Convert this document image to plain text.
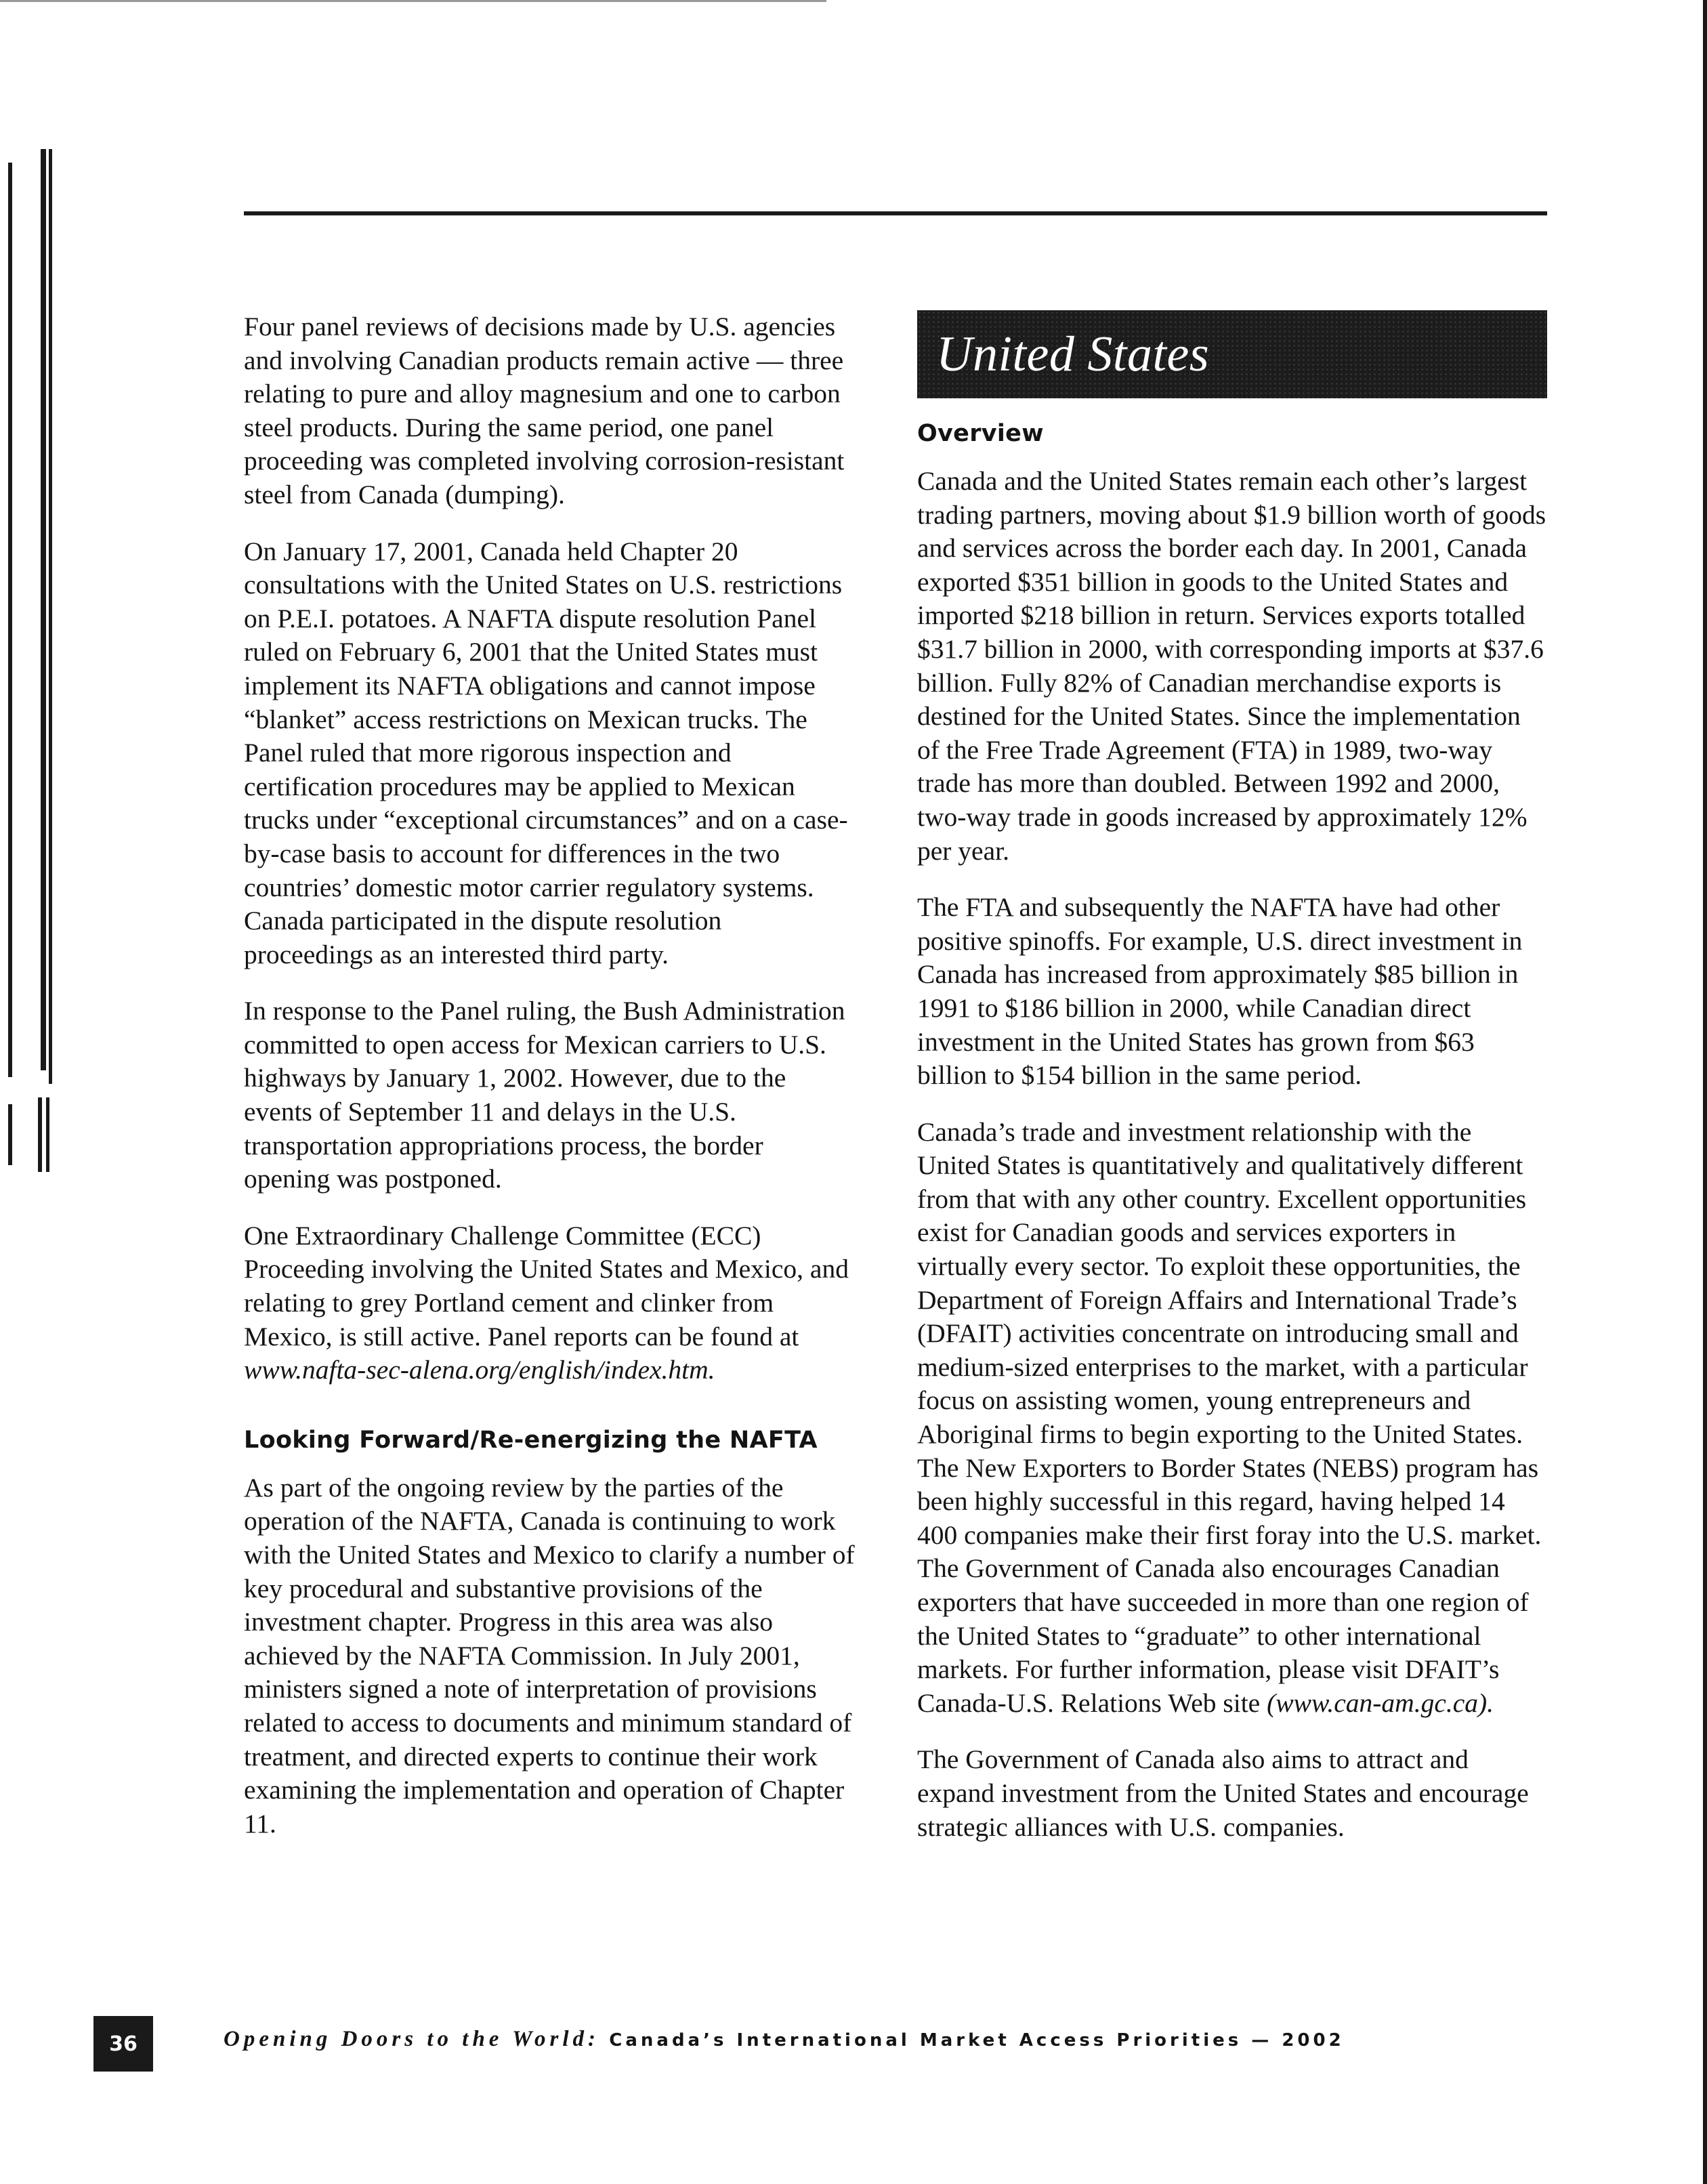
Four panel reviews of decisions made by U.S. agencies and involving Canadian products remain active — three relating to pure and alloy magnesium and one to carbon steel products. During the same period, one panel proceeding was completed involving corrosion-resistant steel from Canada (dumping).

On January 17, 2001, Canada held Chapter 20 consultations with the United States on U.S. restrictions on P.E.I. potatoes. A NAFTA dispute resolution Panel ruled on February 6, 2001 that the United States must implement its NAFTA obligations and cannot impose “blanket” access restrictions on Mexican trucks. The Panel ruled that more rigorous inspection and certification procedures may be applied to Mexican trucks under “exceptional circumstances” and on a case-by-case basis to account for differences in the two countries’ domestic motor carrier regulatory systems. Canada participated in the dispute resolution proceedings as an interested third party.

In response to the Panel ruling, the Bush Administration committed to open access for Mexican carriers to U.S. highways by January 1, 2002. However, due to the events of September 11 and delays in the U.S. transportation appropriations process, the border opening was postponed.

One Extraordinary Challenge Committee (ECC) Proceeding involving the United States and Mexico, and relating to grey Portland cement and clinker from Mexico, is still active. Panel reports can be found at www.nafta-sec-alena.org/english/index.htm.

Looking Forward/Re-energizing the NAFTA

As part of the ongoing review by the parties of the operation of the NAFTA, Canada is continuing to work with the United States and Mexico to clarify a number of key procedural and substantive provisions of the investment chapter. Progress in this area was also achieved by the NAFTA Commission. In July 2001, ministers signed a note of interpretation of provisions related to access to documents and minimum standard of treatment, and directed experts to continue their work examining the implementation and operation of Chapter 11.

United States
Overview

Canada and the United States remain each other’s largest trading partners, moving about $1.9 billion worth of goods and services across the border each day. In 2001, Canada exported $351 billion in goods to the United States and imported $218 billion in return. Services exports totalled $31.7 billion in 2000, with corresponding imports at $37.6 billion. Fully 82% of Canadian merchandise exports is destined for the United States. Since the implementation of the Free Trade Agreement (FTA) in 1989, two-way trade has more than doubled. Between 1992 and 2000, two-way trade in goods increased by approximately 12% per year.

The FTA and subsequently the NAFTA have had other positive spinoffs. For example, U.S. direct investment in Canada has increased from approximately $85 billion in 1991 to $186 billion in 2000, while Canadian direct investment in the United States has grown from $63 billion to $154 billion in the same period.

Canada’s trade and investment relationship with the United States is quantitatively and qualitatively different from that with any other country. Excellent opportunities exist for Canadian goods and services exporters in virtually every sector. To exploit these opportunities, the Department of Foreign Affairs and International Trade’s (DFAIT) activities concentrate on introducing small and medium-sized enterprises to the market, with a particular focus on assisting women, young entrepreneurs and Aboriginal firms to begin exporting to the United States. The New Exporters to Border States (NEBS) program has been highly successful in this regard, having helped 14 400 companies make their first foray into the U.S. market. The Government of Canada also encourages Canadian exporters that have succeeded in more than one region of the United States to “graduate” to other international markets. For further information, please visit DFAIT’s Canada-U.S. Relations Web site (www.can-am.gc.ca).

The Government of Canada also aims to attract and expand investment from the United States and encourage strategic alliances with U.S. companies.

36	Opening Doors to the World: Canada’s International Market Access Priorities — 2002
